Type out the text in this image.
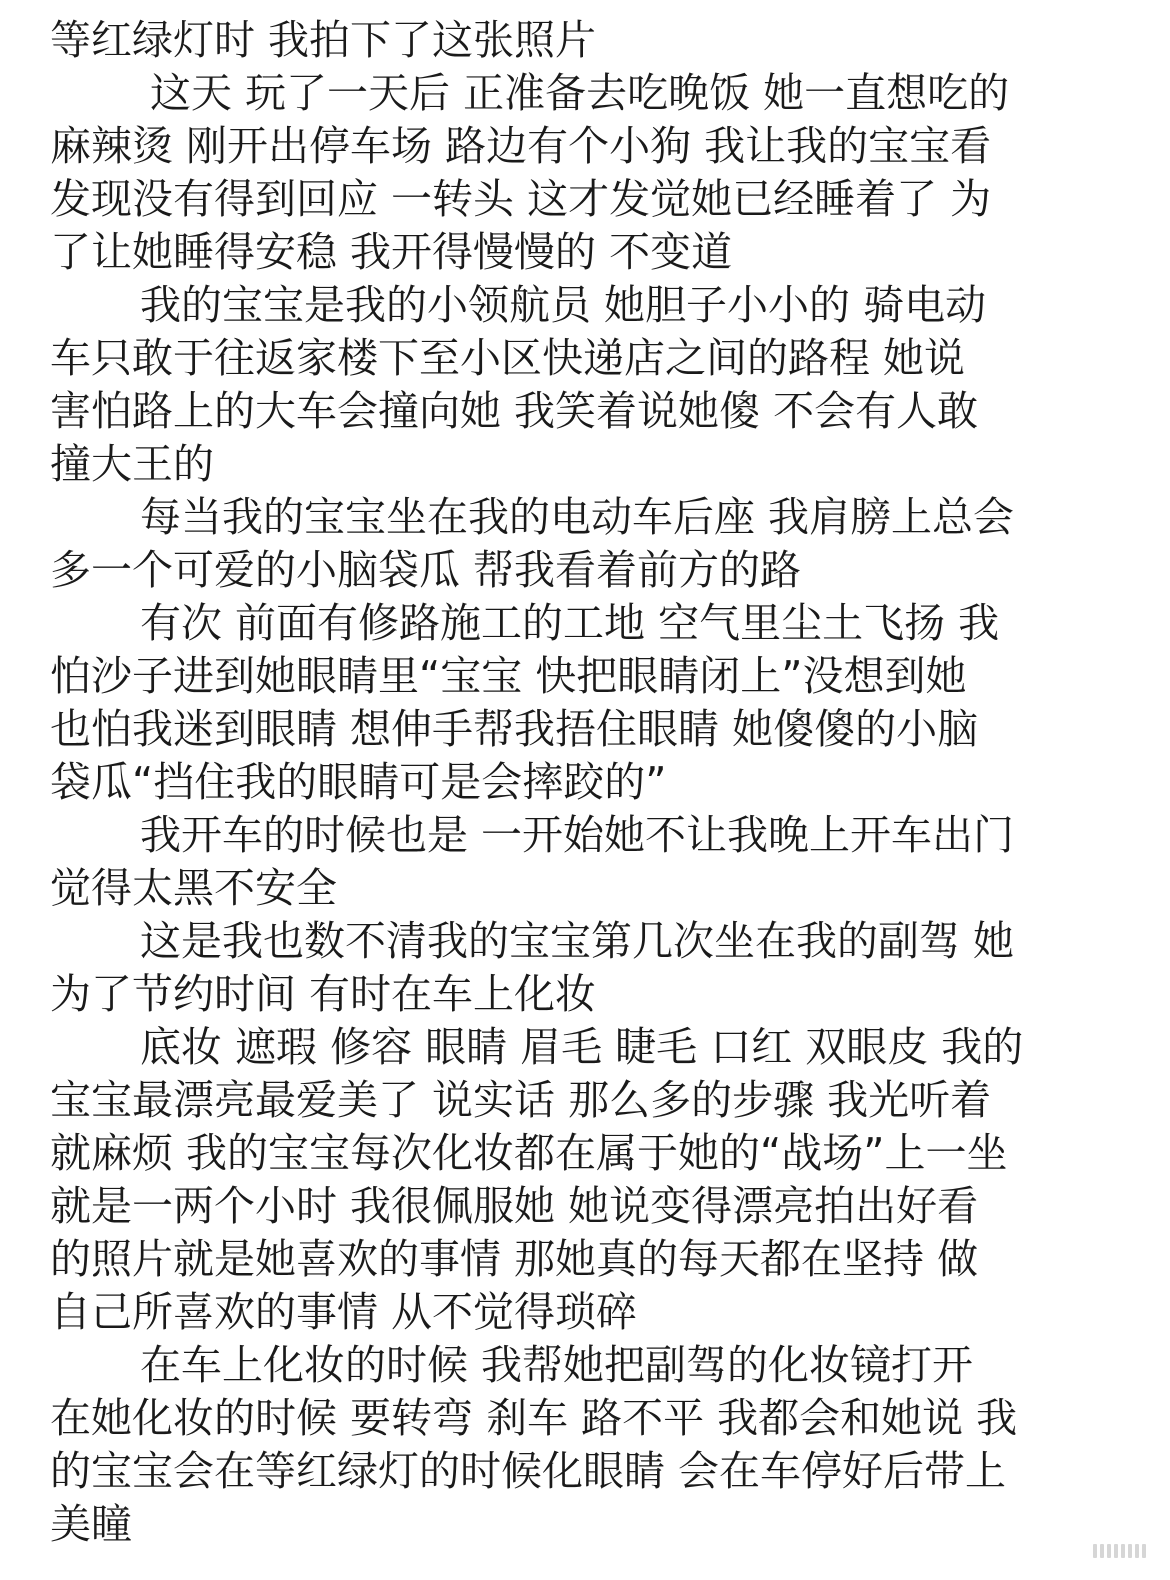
等红绿灯时 我拍下了这张照片
这天 玩了一天后 正准备去吃晚饭 她一直想吃的
麻辣烫 刚开出停车场 路边有个小狗 我让我的宝宝看
发现没有得到回应 一转头 这才发觉她已经睡着了 为
了让她睡得安稳 我开得慢慢的 不变道
我的宝宝是我的小领航员 她胆子小小的 骑电动
车只敢于往返家楼下至小区快递店之间的路程 她说
害怕路上的大车会撞向她 我笑着说她傻 不会有人敢
撞大王的
每当我的宝宝坐在我的电动车后座 我肩膀上总会
多一个可爱的小脑袋瓜 帮我看着前方的路
有次 前面有修路施工的工地 空气里尘土飞扬 我
怕沙子进到她眼睛里“宝宝 快把眼睛闭上”没想到她
也怕我迷到眼睛 想伸手帮我捂住眼睛 她傻傻的小脑
袋瓜“挡住我的眼睛可是会摔跤的”
我开车的时候也是 一开始她不让我晚上开车出门
觉得太黑不安全
这是我也数不清我的宝宝第几次坐在我的副驾 她
为了节约时间 有时在车上化妆
底妆 遮瑕 修容 眼睛 眉毛 睫毛 口红 双眼皮 我的
宝宝最漂亮最爱美了 说实话 那么多的步骤 我光听着
就麻烦 我的宝宝每次化妆都在属于她的“战场”上一坐
就是一两个小时 我很佩服她 她说变得漂亮拍出好看
的照片就是她喜欢的事情 那她真的每天都在坚持 做
自己所喜欢的事情 从不觉得琐碎
在车上化妆的时候 我帮她把副驾的化妆镜打开
在她化妆的时候 要转弯 刹车 路不平 我都会和她说 我
的宝宝会在等红绿灯的时候化眼睛 会在车停好后带上
美瞳
